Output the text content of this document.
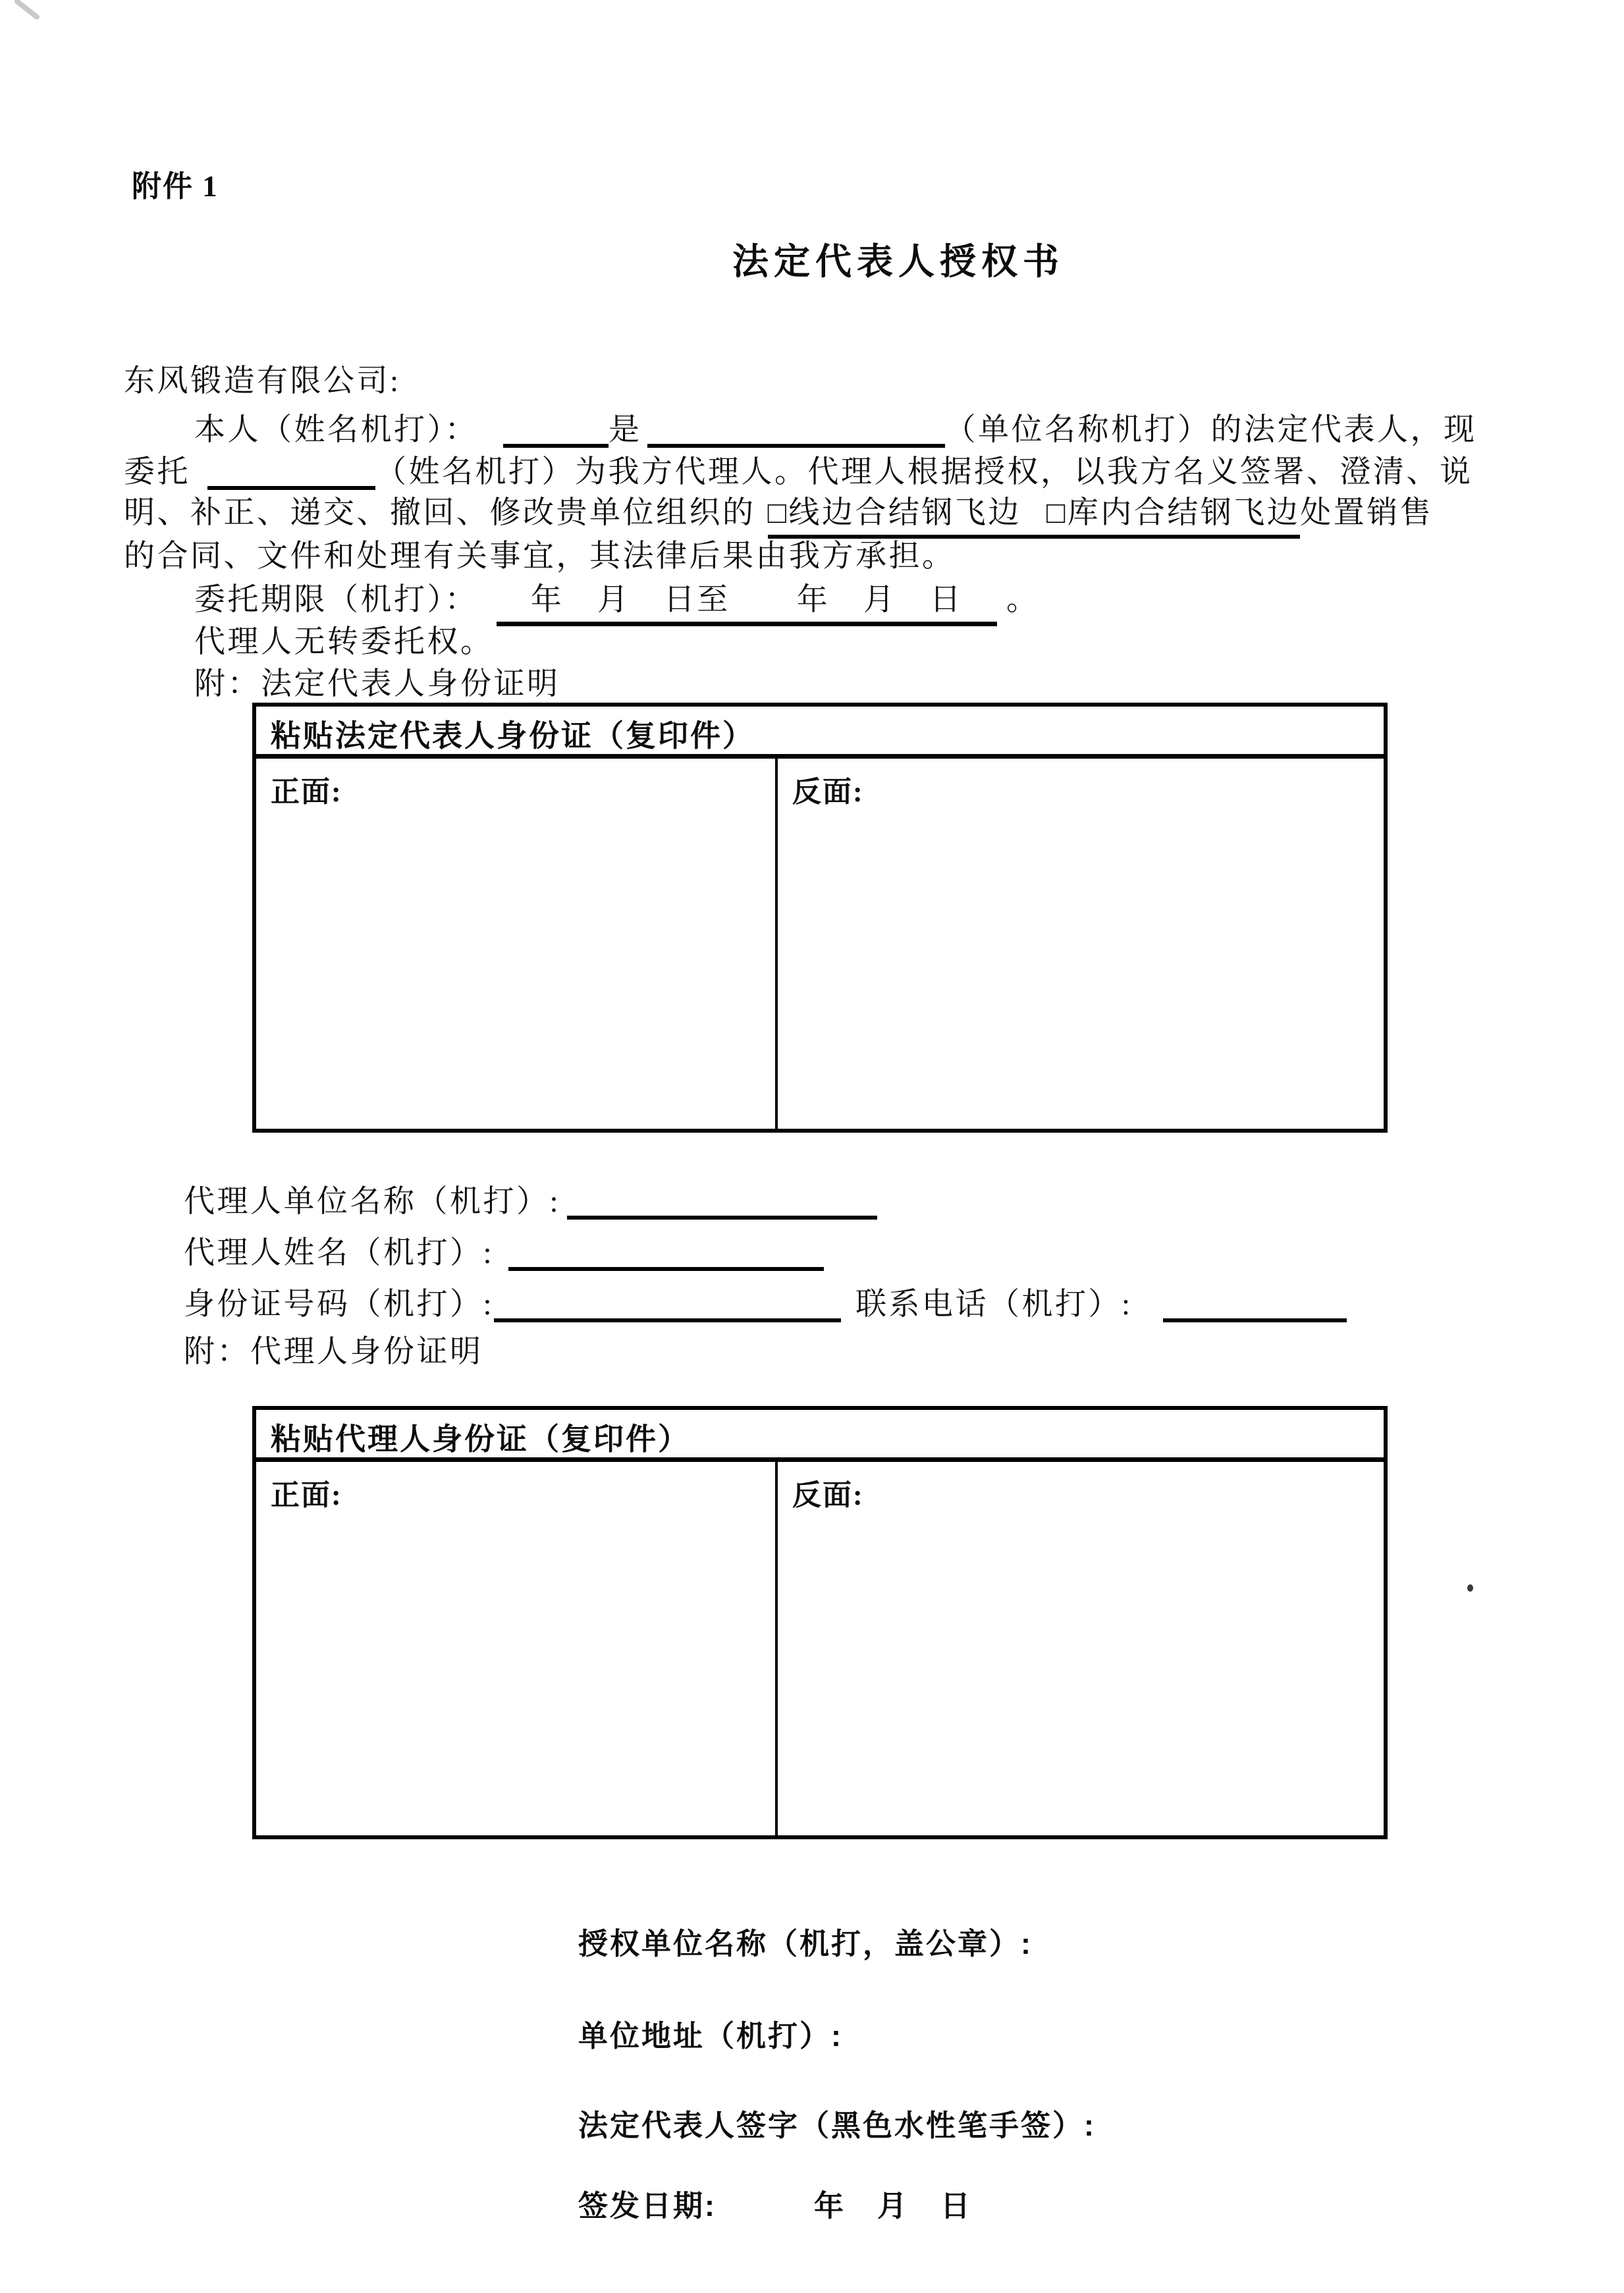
附件 1
法定代表人授权书
东风锻造有限公司:
本人（姓名机打）：	是	（单位名称机打）的法定代表人，现
委托	（姓名机打）为我方代理人。代理人根据授权，以我方名义签署、澄清、说
明、补正、递交、撤回、修改贵单位组织的 □线边合结钢飞边 □库内合结钢飞边处置销售
的合同、文件和处理有关事宜，其法律后果由我方承担。
委托期限（机打）： 年　月　日至　　年　月　日 。
代理人无转委托权。
附：法定代表人身份证明
粘贴法定代表人身份证（复印件）
正面:	反面:
代理人单位名称（机打）:
代理人姓名（机打）:
身份证号码（机打）:	联系电话（机打）:
附：代理人身份证明
粘贴代理人身份证（复印件）
正面:	反面:
授权单位名称（机打，盖公章）:
单位地址（机打）:
法定代表人签字（黑色水性笔手签）:
签发日期:	年　月　日
